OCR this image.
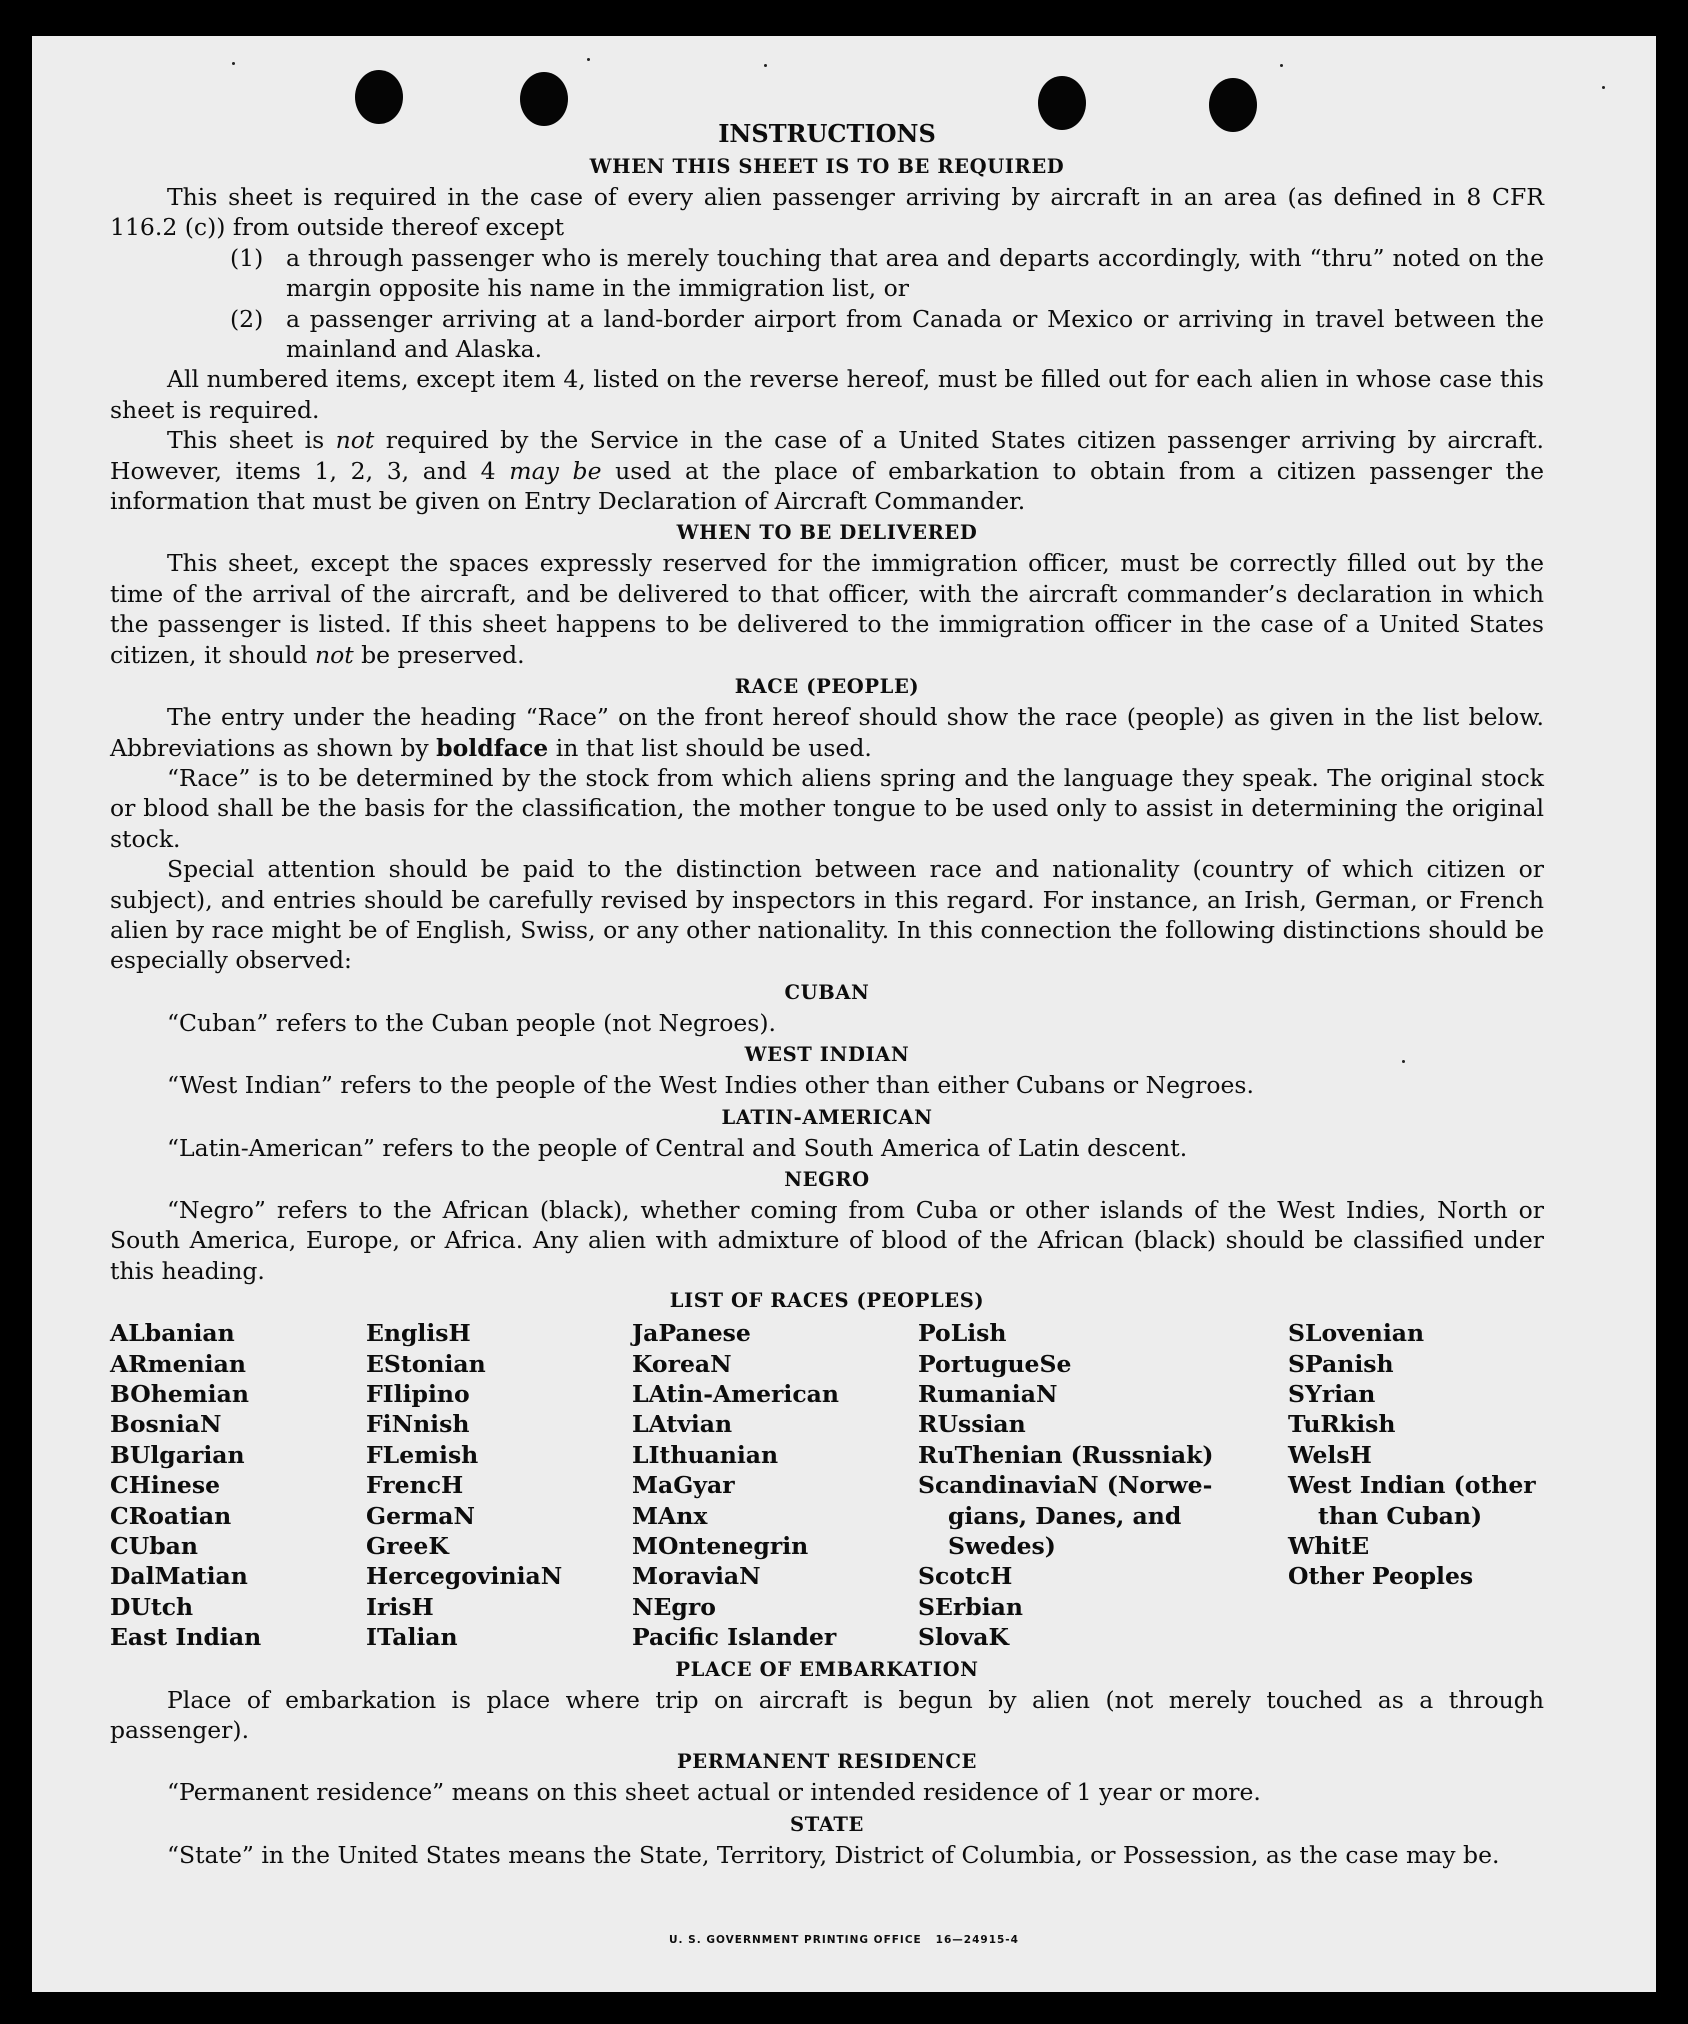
INSTRUCTIONS
WHEN THIS SHEET IS TO BE REQUIRED

This sheet is required in the case of every alien passenger arriving by aircraft in an area (as defined in 8 CFR 116.2 (c)) from outside thereof except

(1) a through passenger who is merely touching that area and departs accordingly, with “thru” noted on the margin opposite his name in the immigration list, or
(2) a passenger arriving at a land-border airport from Canada or Mexico or arriving in travel between the mainland and Alaska.

All numbered items, except item 4, listed on the reverse hereof, must be filled out for each alien in whose case this sheet is required.

This sheet is not required by the Service in the case of a United States citizen passenger arriving by aircraft. However, items 1, 2, 3, and 4 may be used at the place of embarkation to obtain from a citizen passenger the information that must be given on Entry Declaration of Aircraft Commander.

WHEN TO BE DELIVERED

This sheet, except the spaces expressly reserved for the immigration officer, must be correctly filled out by the time of the arrival of the aircraft, and be delivered to that officer, with the aircraft commander’s declaration in which the passenger is listed. If this sheet happens to be delivered to the immigration officer in the case of a United States citizen, it should not be preserved.

RACE (PEOPLE)

The entry under the heading “Race” on the front hereof should show the race (people) as given in the list below. Abbreviations as shown by boldface in that list should be used.

“Race” is to be determined by the stock from which aliens spring and the language they speak. The original stock or blood shall be the basis for the classification, the mother tongue to be used only to assist in determining the original stock.

Special attention should be paid to the distinction between race and nationality (country of which citizen or subject), and entries should be carefully revised by inspectors in this regard. For instance, an Irish, German, or French alien by race might be of English, Swiss, or any other nationality. In this connection the following distinctions should be especially observed:

CUBAN

“Cuban” refers to the Cuban people (not Negroes).

WEST INDIAN

“West Indian” refers to the people of the West Indies other than either Cubans or Negroes.

LATIN-AMERICAN

“Latin-American” refers to the people of Central and South America of Latin descent.

NEGRO

“Negro” refers to the African (black), whether coming from Cuba or other islands of the West Indies, North or South America, Europe, or Africa. Any alien with admixture of blood of the African (black) should be classified under this heading.

LIST OF RACES (PEOPLES)
ALbanian
ARmenian
BOhemian
BosniaN
BUlgarian
CHinese
CRoatian
CUban
DalMatian
DUtch
East Indian
EnglisH
EStonian
FIlipino
FiNnish
FLemish
FrencH
GermaN
GreeK
HercegoviniaN
IrisH
ITalian
JaPanese
KoreaN
LAtin-American
LAtvian
LIthuanian
MaGyar
MAnx
MOntenegrin
MoraviaN
NEgro
Pacific Islander
PoLish
PortugueSe
RumaniaN
RUssian
RuThenian (Russniak)
ScandinaviaN (Norwe-
gians, Danes, and
Swedes)
ScotcH
SErbian
SlovaK
SLovenian
SPanish
SYrian
TuRkish
WelsH
West Indian (other
than Cuban)
WhitE
Other Peoples
PLACE OF EMBARKATION

Place of embarkation is place where trip on aircraft is begun by alien (not merely touched as a through passenger).

PERMANENT RESIDENCE

“Permanent residence” means on this sheet actual or intended residence of 1 year or more.

STATE

“State” in the United States means the State, Territory, District of Columbia, or Possession, as the case may be.

U. S. GOVERNMENT PRINTING OFFICE   16—24915-4
